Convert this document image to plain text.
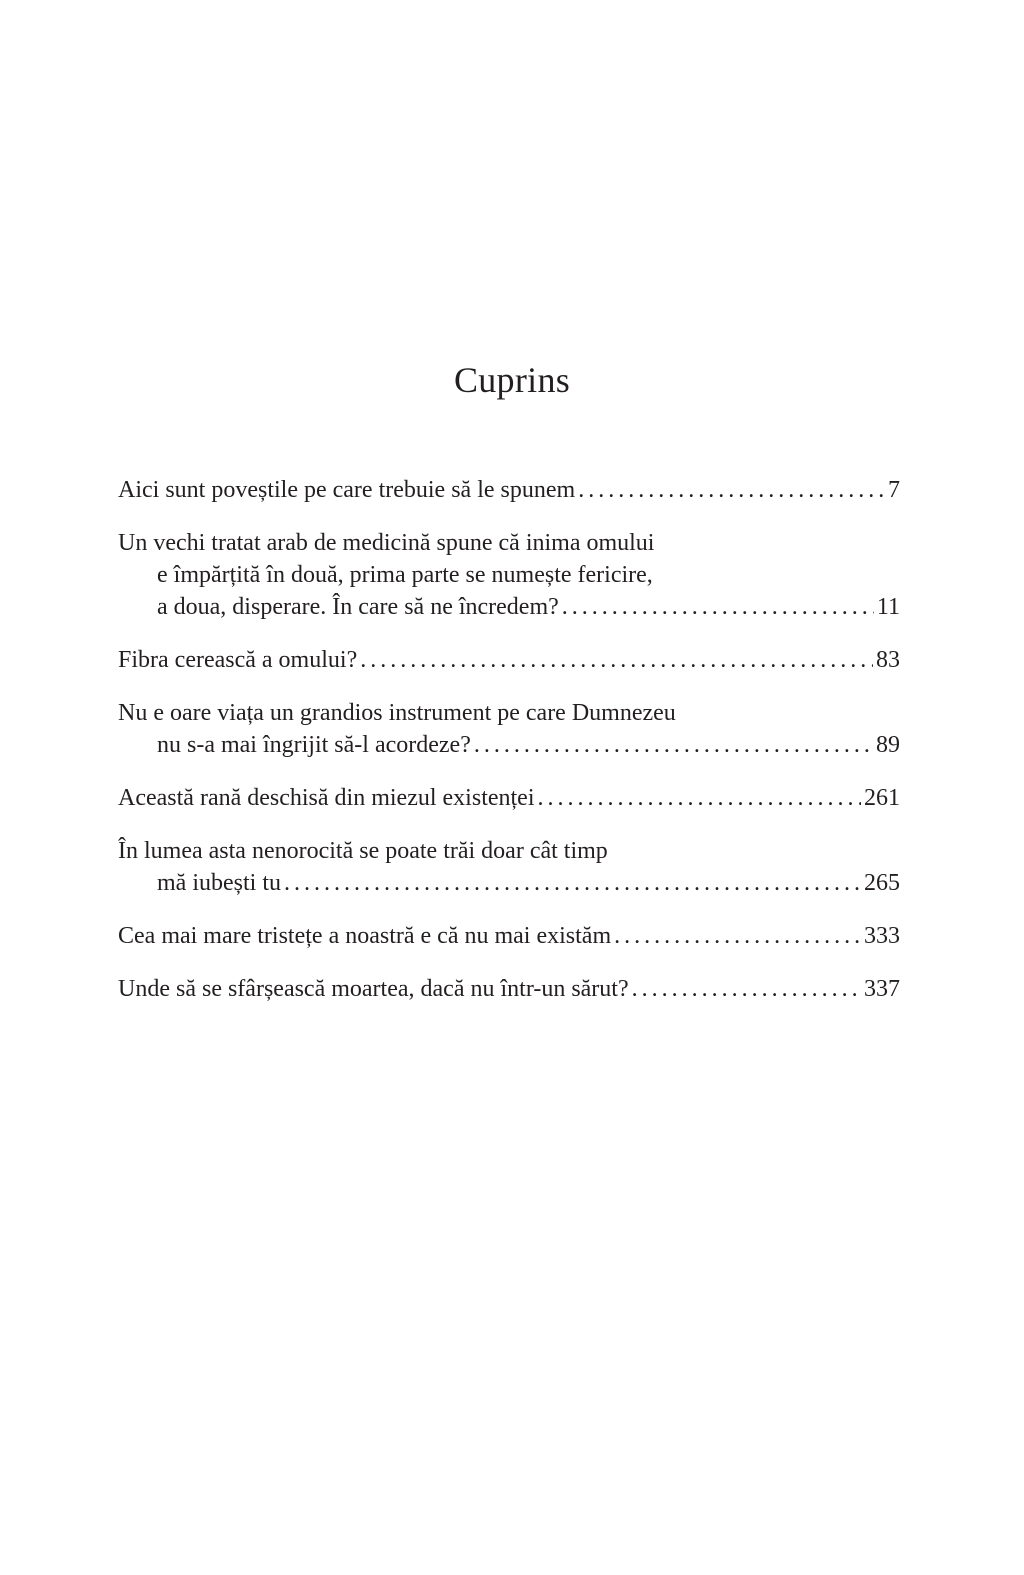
Cuprins
Aici sunt poveștile pe care trebuie să le spunem . . .	7
Un vechi tratat arab de medicină spune că inima omului
e împărțită în două, prima parte se numește fericire,
a doua, disperare. În care să ne încredem? . . .	11
Fibra cerească a omului? . . .	83
Nu e oare viața un grandios instrument pe care Dumnezeu
nu s-a mai îngrijit să-l acordeze? . . .	89
Această rană deschisă din miezul existenței . . .	261
În lumea asta nenorocită se poate trăi doar cât timp
mă iubești tu . . .	265
Cea mai mare tristețe a noastră e că nu mai existăm . . .	333
Unde să se sfârșească moartea, dacă nu într-un sărut? . . .	337
